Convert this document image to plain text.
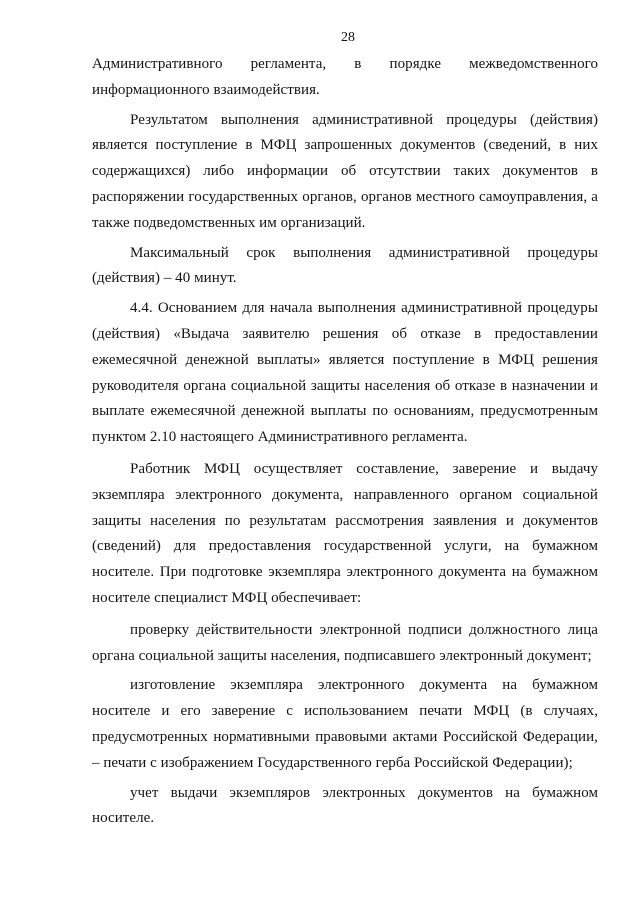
28

Административного регламента, в порядке межведомственного информационного взаимодействия.

Результатом выполнения административной процедуры (действия) является поступление в МФЦ запрошенных документов (сведений, в них содержащихся) либо информации об отсутствии таких документов в распоряжении государственных органов, органов местного самоуправления, а также подведомственных им организаций.

Максимальный срок выполнения административной процедуры (действия) – 40 минут.

4.4. Основанием для начала выполнения административной процедуры (действия) «Выдача заявителю решения об отказе в предоставлении ежемесячной денежной выплаты» является поступление в МФЦ решения руководителя органа социальной защиты населения об отказе в назначении и выплате ежемесячной денежной выплаты по основаниям, предусмотренным пунктом 2.10 настоящего Административного регламента.

Работник МФЦ осуществляет составление, заверение и выдачу экземпляра электронного документа, направленного органом социальной защиты населения по результатам рассмотрения заявления и документов (сведений) для предоставления государственной услуги, на бумажном носителе. При подготовке экземпляра электронного документа на бумажном носителе специалист МФЦ обеспечивает:

проверку действительности электронной подписи должностного лица органа социальной защиты населения, подписавшего электронный документ;

изготовление экземпляра электронного документа на бумажном носителе и его заверение с использованием печати МФЦ (в случаях, предусмотренных нормативными правовыми актами Российской Федерации, – печати с изображением Государственного герба Российской Федерации);

учет выдачи экземпляров электронных документов на бумажном носителе.
